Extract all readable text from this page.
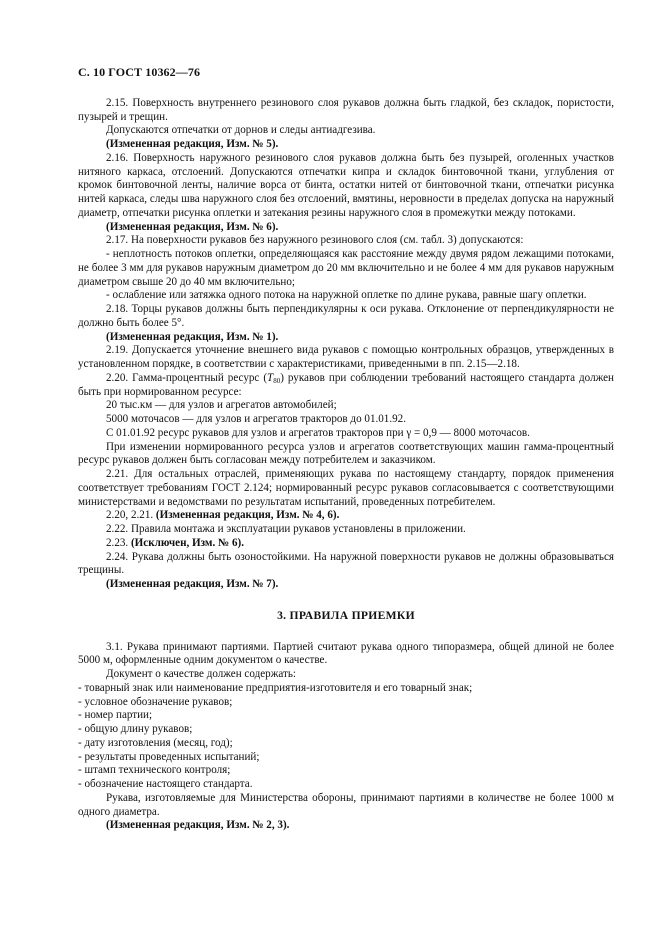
С. 10 ГОСТ 10362—76

2.15. Поверхность внутреннего резинового слоя рукавов должна быть гладкой, без складок, пористости, пузырей и трещин.

Допускаются отпечатки от дорнов и следы антиадгезива.

(Измененная редакция, Изм. № 5).

2.16. Поверхность наружного резинового слоя рукавов должна быть без пузырей, оголенных участков нитяного каркаса, отслоений. Допускаются отпечатки кипра и складок бинтовочной ткани, углубления от кромок бинтовочной ленты, наличие ворса от бинта, остатки нитей от бинтовочной ткани, отпечатки рисунка нитей каркаса, следы шва наружного слоя без отслоений, вмятины, неровности в пределах допуска на наружный диаметр, отпечатки рисунка оплетки и затекания резины наружного слоя в промежутки между потоками.

(Измененная редакция, Изм. № 6).

2.17. На поверхности рукавов без наружного резинового слоя (см. табл. 3) допускаются:

- неплотность потоков оплетки, определяющаяся как расстояние между двумя рядом лежащими потоками, не более 3 мм для рукавов наружным диаметром до 20 мм включительно и не более 4 мм для рукавов наружным диаметром свыше 20 до 40 мм включительно;

- ослабление или затяжка одного потока на наружной оплетке по длине рукава, равные шагу оплетки.

2.18. Торцы рукавов должны быть перпендикулярны к оси рукава. Отклонение от перпендикулярности не должно быть более 5°.

(Измененная редакция, Изм. № 1).

2.19. Допускается уточнение внешнего вида рукавов с помощью контрольных образцов, утвержденных в установленном порядке, в соответствии с характеристиками, приведенными в пп. 2.15—2.18.

2.20. Гамма-процентный ресурс $(T_{80})$ рукавов при соблюдении требований настоящего стандарта должен быть при нормированном ресурсе:

20 тыс.км — для узлов и агрегатов автомобилей;

5000 моточасов — для узлов и агрегатов тракторов до 01.01.92.

С 01.01.92 ресурс рукавов для узлов и агрегатов тракторов при γ = 0,9 — 8000 моточасов.

При изменении нормированного ресурса узлов и агрегатов соответствующих машин гамма-процентный ресурс рукавов должен быть согласован между потребителем и заказчиком.

2.21. Для остальных отраслей, применяющих рукава по настоящему стандарту, порядок применения соответствует требованиям ГОСТ 2.124; нормированный ресурс рукавов согласовывается с соответствующими министерствами и ведомствами по результатам испытаний, проведенных потребителем.

2.20, 2.21. (Измененная редакция, Изм. № 4, 6).

2.22. Правила монтажа и эксплуатации рукавов установлены в приложении.

2.23. (Исключен, Изм. № 6).

2.24. Рукава должны быть озоностойкими. На наружной поверхности рукавов не должны образовываться трещины.

(Измененная редакция, Изм. № 7).

3. ПРАВИЛА ПРИЕМКИ

3.1. Рукава принимают партиями. Партией считают рукава одного типоразмера, общей длиной не более 5000 м, оформленные одним документом о качестве.

Документ о качестве должен содержать:

- товарный знак или наименование предприятия-изготовителя и его товарный знак;

- условное обозначение рукавов;

- номер партии;

- общую длину рукавов;

- дату изготовления (месяц, год);

- результаты проведенных испытаний;

- штамп технического контроля;

- обозначение настоящего стандарта.

Рукава, изготовляемые для Министерства обороны, принимают партиями в количестве не более 1000 м одного диаметра.

(Измененная редакция, Изм. № 2, 3).
